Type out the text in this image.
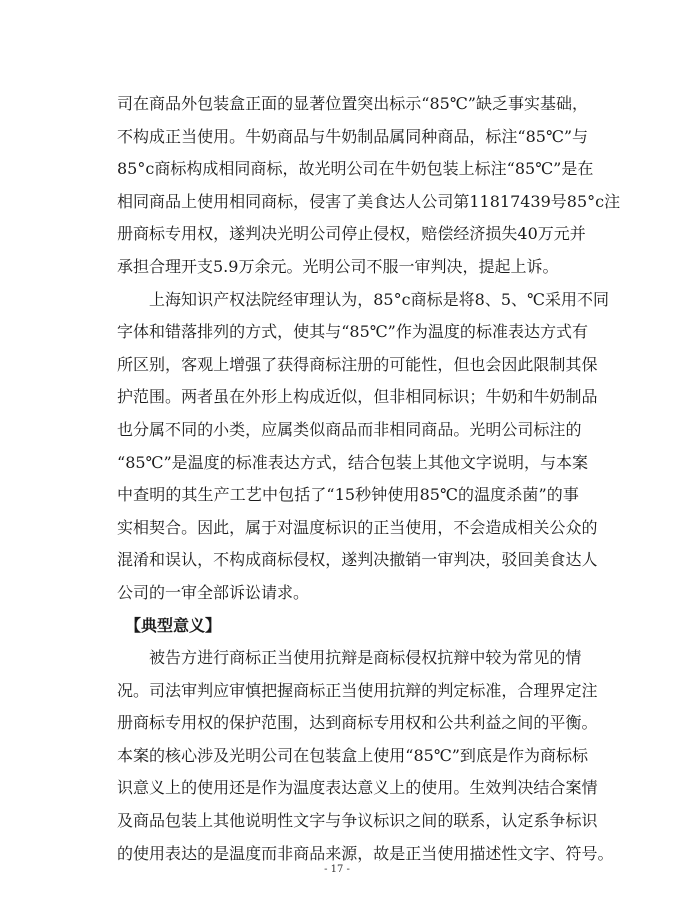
司 在 商 品 外 包 装 盒 正 面 的 显 著 位 置 突 出 标 示 “ 85℃ ” 缺 乏 事 实 基 础 ，
不 构 成 正 当 使 用 。 牛 奶 商 品 与 牛 奶 制 品 属 同 种 商 品 ， 标 注 “ 85℃ ” 与
85°c 商 标 构 成 相 同 商 标 ， 故 光 明 公 司 在 牛 奶 包 装 上 标 注 “ 85℃ ” 是 在
相 同 商 品 上 使 用 相 同 商 标 ， 侵 害 了 美 食 达 人 公 司 第 11817439 号 85°c 注
册 商 标 专 用 权 ， 遂 判 决 光 明 公 司 停 止 侵 权 ， 赔 偿 经 济 损 失 40 万 元 并
承担合理开支5.9万余元。光明公司不服一审判决，提起上诉。

上 海 知 识 产 权 法 院 经 审 理 认 为 ， 85°c 商 标 是 将 8 、 5 、 ℃ 采 用 不 同
字 体 和 错 落 排 列 的 方 式 ， 使 其 与 “ 85℃ ” 作 为 温 度 的 标 准 表 达 方 式 有
所 区 别 ， 客 观 上 增 强 了 获 得 商 标 注 册 的 可 能 性 ， 但 也 会 因 此 限 制 其 保
护 范 围 。 两 者 虽 在 外 形 上 构 成 近 似 ， 但 非 相 同 标 识 ； 牛 奶 和 牛 奶 制 品
也 分 属 不 同 的 小 类 ， 应 属 类 似 商 品 而 非 相 同 商 品 。 光 明 公 司 标 注 的
“ 85℃ ” 是 温 度 的 标 准 表 达 方 式 ， 结 合 包 装 上 其 他 文 字 说 明 ， 与 本 案
中 查 明 的 其 生 产 工 艺 中 包 括 了 “ 15 秒 钟 使 用 85℃ 的 温 度 杀 菌 ” 的 事
实 相 契 合 。 因 此 ， 属 于 对 温 度 标 识 的 正 当 使 用 ， 不 会 造 成 相 关 公 众 的
混 淆 和 误 认 ， 不 构 成 商 标 侵 权 ， 遂 判 决 撤 销 一 审 判 决 ， 驳 回 美 食 达 人
公司的一审全部诉讼请求。
【典型意义】

被 告 方 进 行 商 标 正 当 使 用 抗 辩 是 商 标 侵 权 抗 辩 中 较 为 常 见 的 情
况 。 司 法 审 判 应 审 慎 把 握 商 标 正 当 使 用 抗 辩 的 判 定 标 准 ， 合 理 界 定 注
册 商 标 专 用 权 的 保 护 范 围 ， 达 到 商 标 专 用 权 和 公 共 利 益 之 间 的 平 衡 。
本 案 的 核 心 涉 及 光 明 公 司 在 包 装 盒 上 使 用 “ 85℃ ” 到 底 是 作 为 商 标 标
识 意 义 上 的 使 用 还 是 作 为 温 度 表 达 意 义 上 的 使 用 。 生 效 判 决 结 合 案 情
及 商 品 包 装 上 其 他 说 明 性 文 字 与 争 议 标 识 之 间 的 联 系 ， 认 定 系 争 标 识
的 使 用 表 达 的 是 温 度 而 非 商 品 来 源 ， 故 是 正 当 使 用 描 述 性 文 字 、 符 号 。
- 17 -
